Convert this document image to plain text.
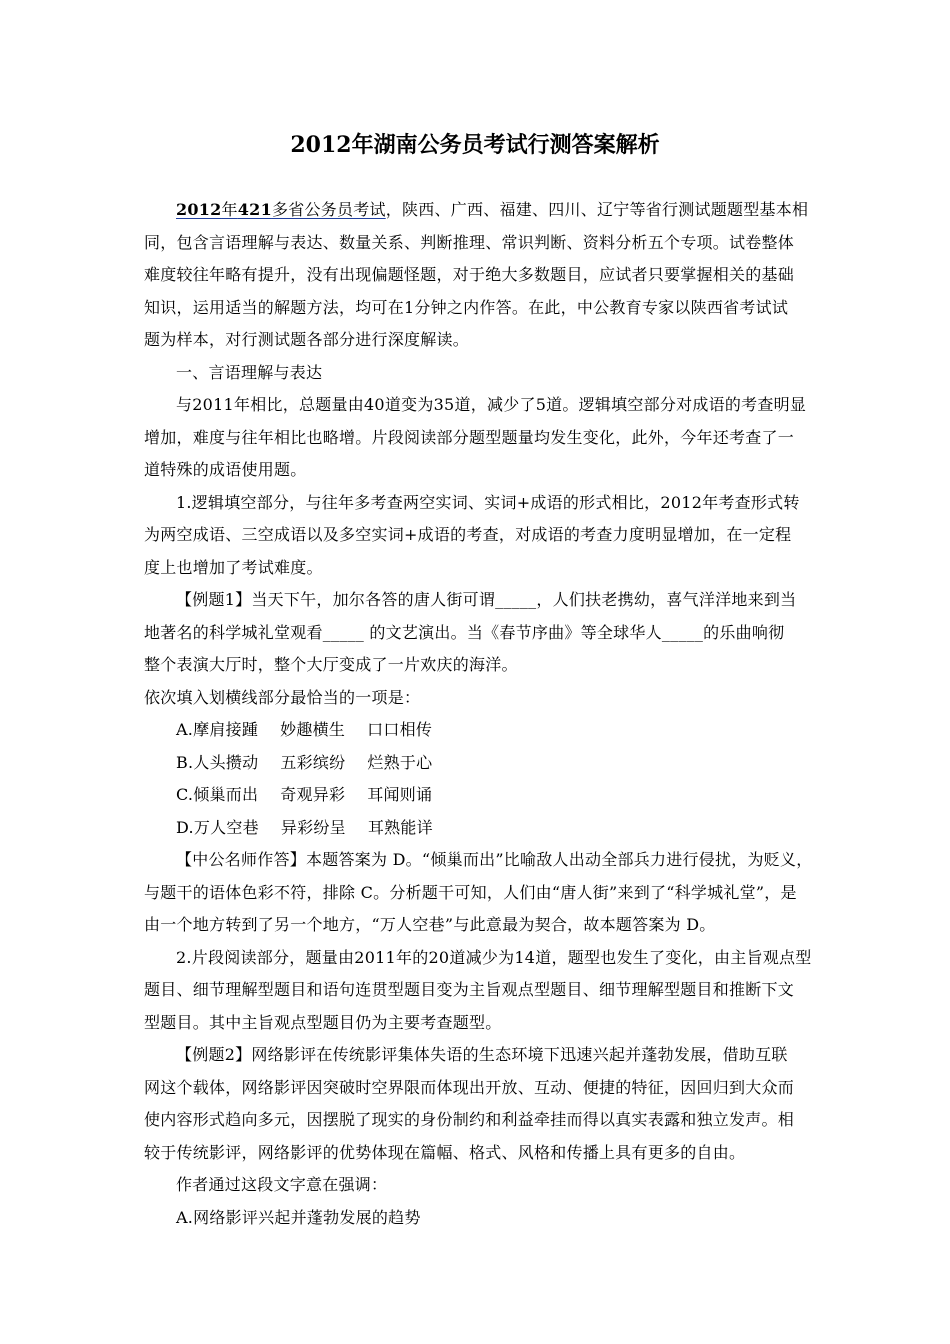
2012年湖南公务员考试行测答案解析
2012年421多省公务员考试，陕西、广西、福建、四川、辽宁等省行测试题题型基本相
同，包含言语理解与表达、数量关系、判断推理、常识判断、资料分析五个专项。试卷整体
难度较往年略有提升，没有出现偏题怪题，对于绝大多数题目，应试者只要掌握相关的基础
知识，运用适当的解题方法，均可在1分钟之内作答。在此，中公教育专家以陕西省考试试
题为样本，对行测试题各部分进行深度解读。
一、言语理解与表达
与2011年相比，总题量由40道变为35道，减少了5道。逻辑填空部分对成语的考查明显
增加，难度与往年相比也略增。片段阅读部分题型题量均发生变化，此外，今年还考查了一
道特殊的成语使用题。
1.逻辑填空部分，与往年多考查两空实词、实词+成语的形式相比，2012年考查形式转
为两空成语、三空成语以及多空实词+成语的考查，对成语的考查力度明显增加，在一定程
度上也增加了考试难度。
【例题1】当天下午，加尔各答的唐人街可谓_____，人们扶老携幼，喜气洋洋地来到当
地著名的科学城礼堂观看_____ 的文艺演出。当《春节序曲》等全球华人_____的乐曲响彻
整个表演大厅时，整个大厅变成了一片欢庆的海洋。
依次填入划横线部分最恰当的一项是：
A.摩肩接踵 妙趣横生 口口相传
B.人头攒动 五彩缤纷 烂熟于心
C.倾巢而出 奇观异彩 耳闻则诵
D.万人空巷 异彩纷呈 耳熟能详
【中公名师作答】本题答案为 D。“倾巢而出”比喻敌人出动全部兵力进行侵扰，为贬义，
与题干的语体色彩不符，排除 C。分析题干可知，人们由“唐人街”来到了“科学城礼堂”，是
由一个地方转到了另一个地方，“万人空巷”与此意最为契合，故本题答案为 D。
2.片段阅读部分，题量由2011年的20道减少为14道，题型也发生了变化，由主旨观点型
题目、细节理解型题目和语句连贯型题目变为主旨观点型题目、细节理解型题目和推断下文
型题目。其中主旨观点型题目仍为主要考查题型。
【例题2】网络影评在传统影评集体失语的生态环境下迅速兴起并蓬勃发展，借助互联
网这个载体，网络影评因突破时空界限而体现出开放、互动、便捷的特征，因回归到大众而
使内容形式趋向多元，因摆脱了现实的身份制约和利益牵挂而得以真实表露和独立发声。相
较于传统影评，网络影评的优势体现在篇幅、格式、风格和传播上具有更多的自由。
作者通过这段文字意在强调：
A.网络影评兴起并蓬勃发展的趋势
